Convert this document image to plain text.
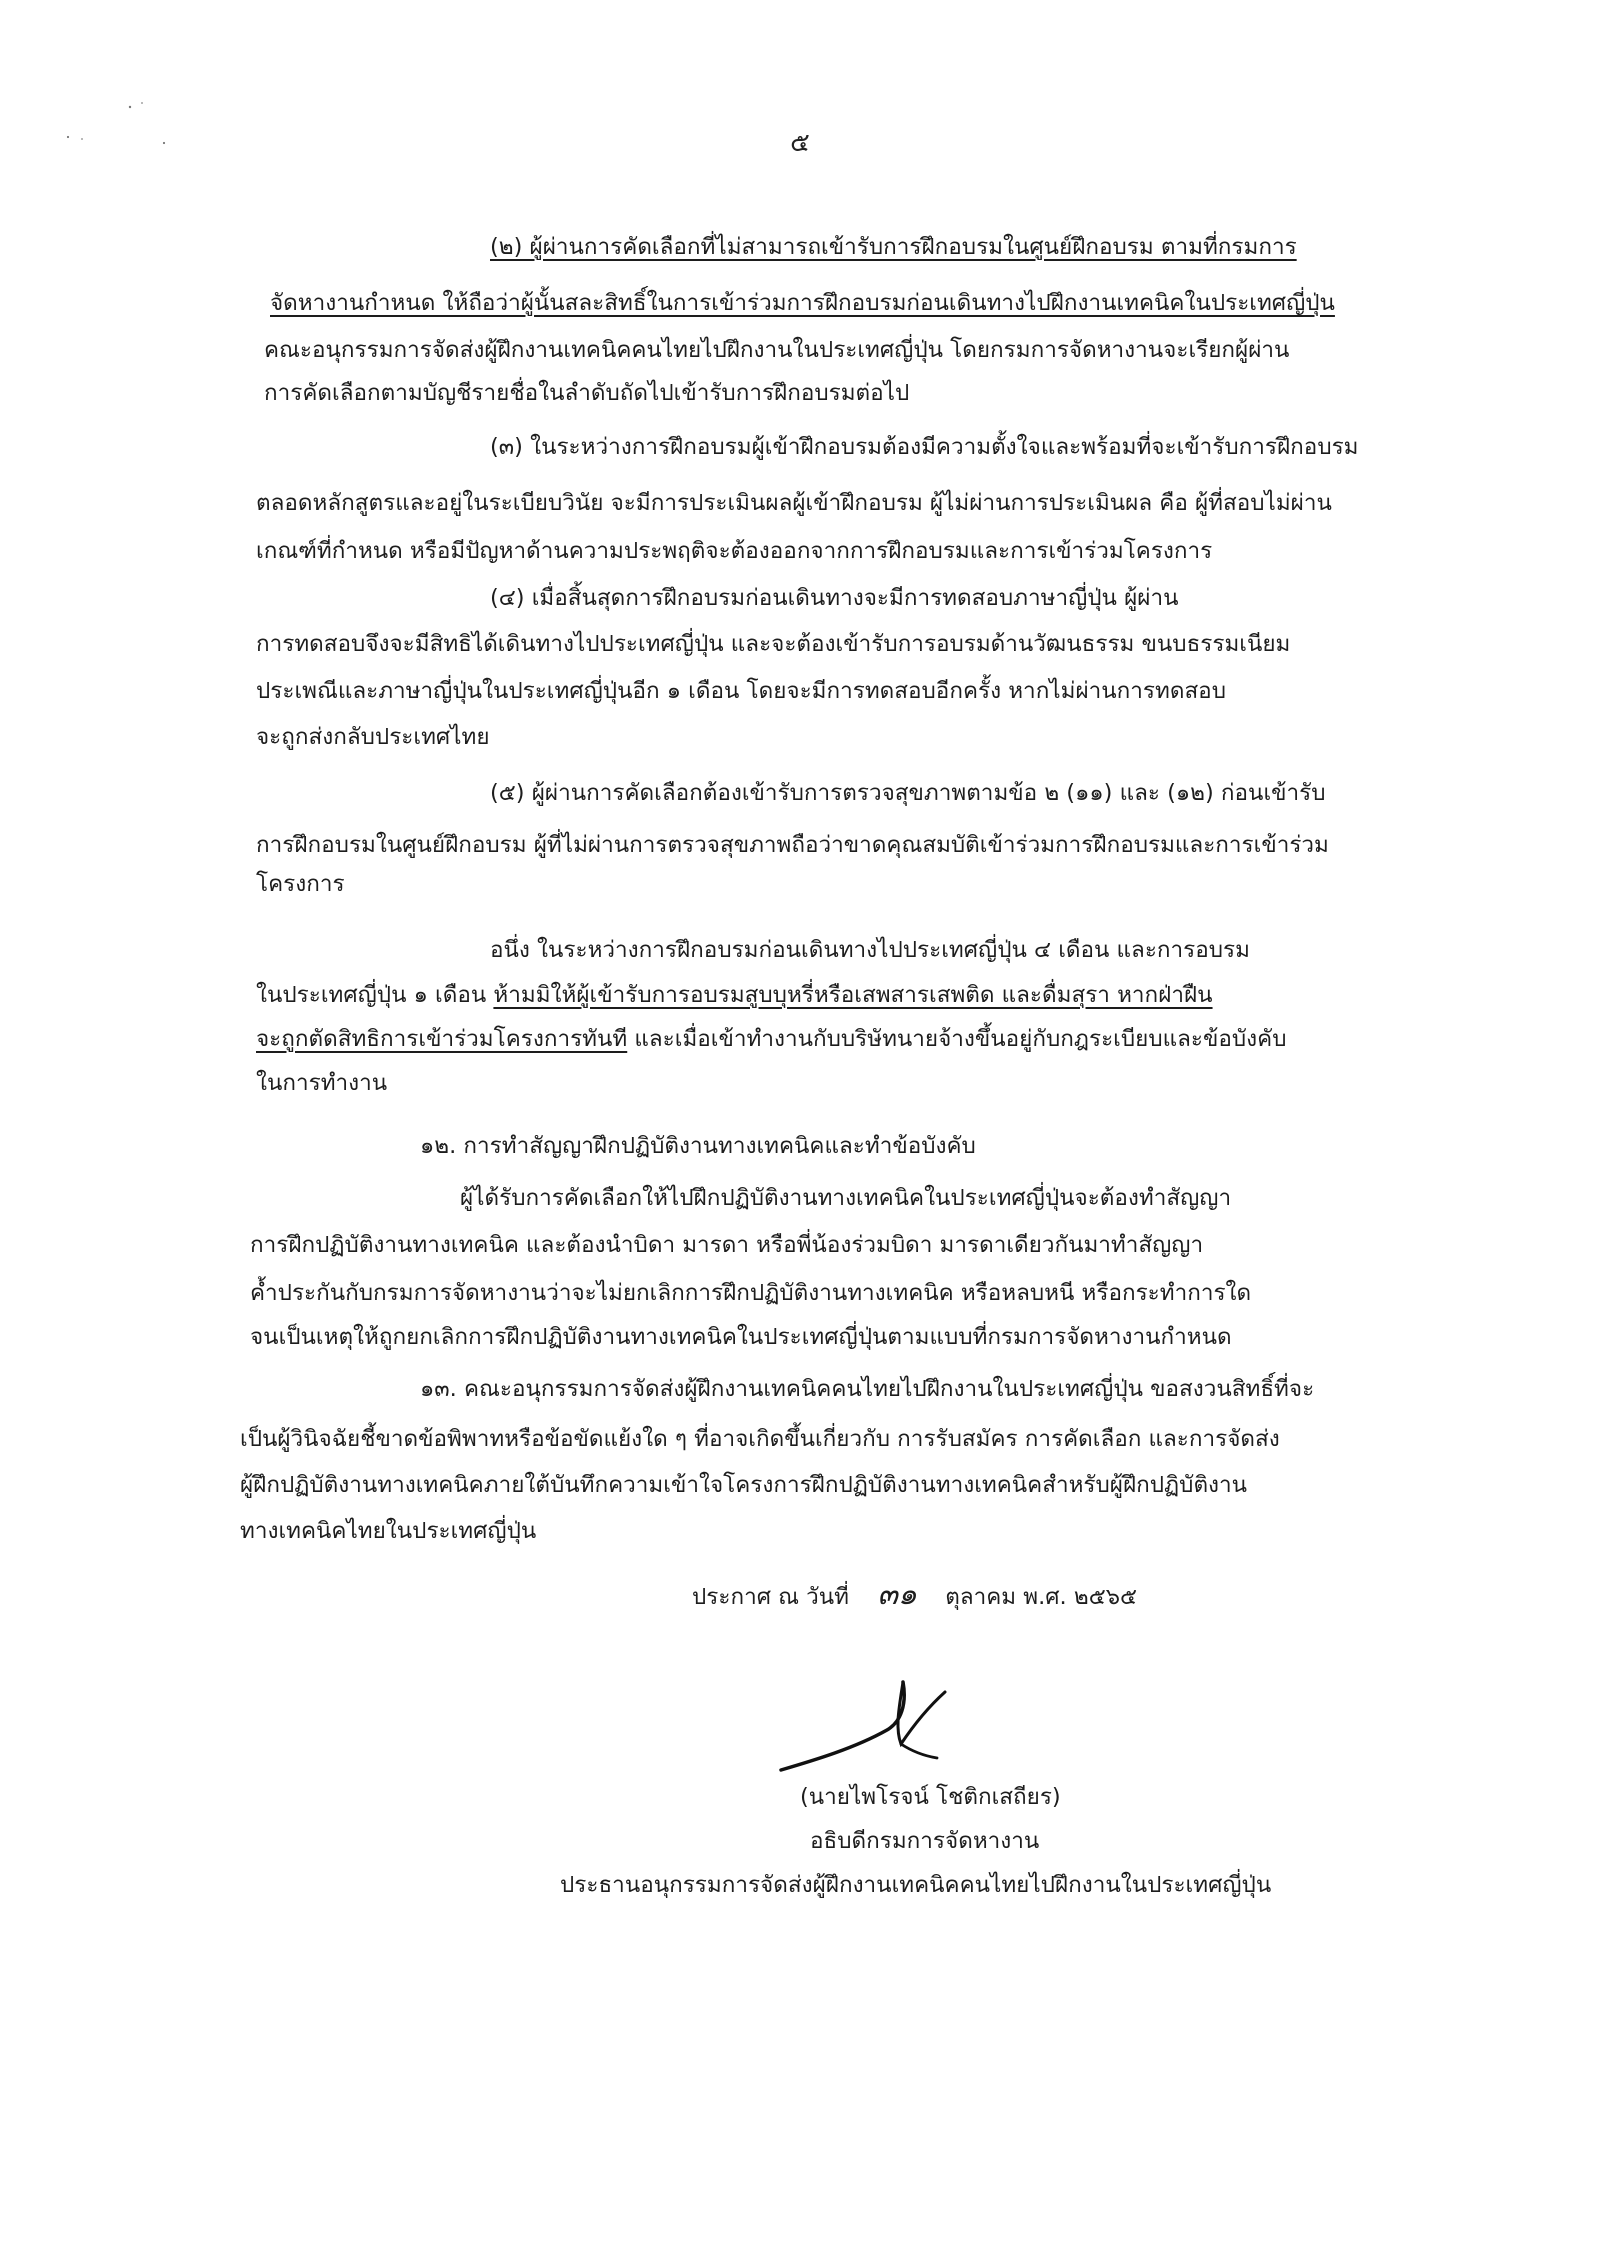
๕
(๒) ผู้ผ่านการคัดเลือกที่ไม่สามารถเข้ารับการฝึกอบรมในศูนย์ฝึกอบรม ตามที่กรมการ
จัดหางานกำหนด ให้ถือว่าผู้นั้นสละสิทธิ์ในการเข้าร่วมการฝึกอบรมก่อนเดินทางไปฝึกงานเทคนิคในประเทศญี่ปุ่น
คณะอนุกรรมการจัดส่งผู้ฝึกงานเทคนิคคนไทยไปฝึกงานในประเทศญี่ปุ่น โดยกรมการจัดหางานจะเรียกผู้ผ่าน
การคัดเลือกตามบัญชีรายชื่อในลำดับถัดไปเข้ารับการฝึกอบรมต่อไป
(๓) ในระหว่างการฝึกอบรมผู้เข้าฝึกอบรมต้องมีความตั้งใจและพร้อมที่จะเข้ารับการฝึกอบรม
ตลอดหลักสูตรและอยู่ในระเบียบวินัย จะมีการประเมินผลผู้เข้าฝึกอบรม ผู้ไม่ผ่านการประเมินผล คือ ผู้ที่สอบไม่ผ่าน
เกณฑ์ที่กำหนด หรือมีปัญหาด้านความประพฤติจะต้องออกจากการฝึกอบรมและการเข้าร่วมโครงการ
(๔) เมื่อสิ้นสุดการฝึกอบรมก่อนเดินทางจะมีการทดสอบภาษาญี่ปุ่น ผู้ผ่าน
การทดสอบจึงจะมีสิทธิได้เดินทางไปประเทศญี่ปุ่น และจะต้องเข้ารับการอบรมด้านวัฒนธรรม ขนบธรรมเนียม
ประเพณีและภาษาญี่ปุ่นในประเทศญี่ปุ่นอีก ๑ เดือน โดยจะมีการทดสอบอีกครั้ง หากไม่ผ่านการทดสอบ
จะถูกส่งกลับประเทศไทย
(๕) ผู้ผ่านการคัดเลือกต้องเข้ารับการตรวจสุขภาพตามข้อ ๒ (๑๑) และ (๑๒) ก่อนเข้ารับ
การฝึกอบรมในศูนย์ฝึกอบรม ผู้ที่ไม่ผ่านการตรวจสุขภาพถือว่าขาดคุณสมบัติเข้าร่วมการฝึกอบรมและการเข้าร่วม
โครงการ
อนึ่ง ในระหว่างการฝึกอบรมก่อนเดินทางไปประเทศญี่ปุ่น ๔ เดือน และการอบรม
ในประเทศญี่ปุ่น ๑ เดือน ห้ามมิให้ผู้เข้ารับการอบรมสูบบุหรี่หรือเสพสารเสพติด และดื่มสุรา หากฝ่าฝืน
จะถูกตัดสิทธิการเข้าร่วมโครงการทันที และเมื่อเข้าทำงานกับบริษัทนายจ้างขึ้นอยู่กับกฎระเบียบและข้อบังคับ
ในการทำงาน
๑๒. การทำสัญญาฝึกปฏิบัติงานทางเทคนิคและทำข้อบังคับ
ผู้ได้รับการคัดเลือกให้ไปฝึกปฏิบัติงานทางเทคนิคในประเทศญี่ปุ่นจะต้องทำสัญญา
การฝึกปฏิบัติงานทางเทคนิค และต้องนำบิดา มารดา หรือพี่น้องร่วมบิดา มารดาเดียวกันมาทำสัญญา
ค้ำประกันกับกรมการจัดหางานว่าจะไม่ยกเลิกการฝึกปฏิบัติงานทางเทคนิค หรือหลบหนี หรือกระทำการใด
จนเป็นเหตุให้ถูกยกเลิกการฝึกปฏิบัติงานทางเทคนิคในประเทศญี่ปุ่นตามแบบที่กรมการจัดหางานกำหนด
๑๓. คณะอนุกรรมการจัดส่งผู้ฝึกงานเทคนิคคนไทยไปฝึกงานในประเทศญี่ปุ่น ขอสงวนสิทธิ์ที่จะ
เป็นผู้วินิจฉัยชี้ขาดข้อพิพาทหรือข้อขัดแย้งใด ๆ ที่อาจเกิดขึ้นเกี่ยวกับ การรับสมัคร การคัดเลือก และการจัดส่ง
ผู้ฝึกปฏิบัติงานทางเทคนิคภายใต้บันทึกความเข้าใจโครงการฝึกปฏิบัติงานทางเทคนิคสำหรับผู้ฝึกปฏิบัติงาน
ทางเทคนิคไทยในประเทศญี่ปุ่น
ประกาศ ณ วันที่ ๓๑ ตุลาคม พ.ศ. ๒๕๖๕
(นายไพโรจน์ โชติกเสถียร)
อธิบดีกรมการจัดหางาน
ประธานอนุกรรมการจัดส่งผู้ฝึกงานเทคนิคคนไทยไปฝึกงานในประเทศญี่ปุ่น
